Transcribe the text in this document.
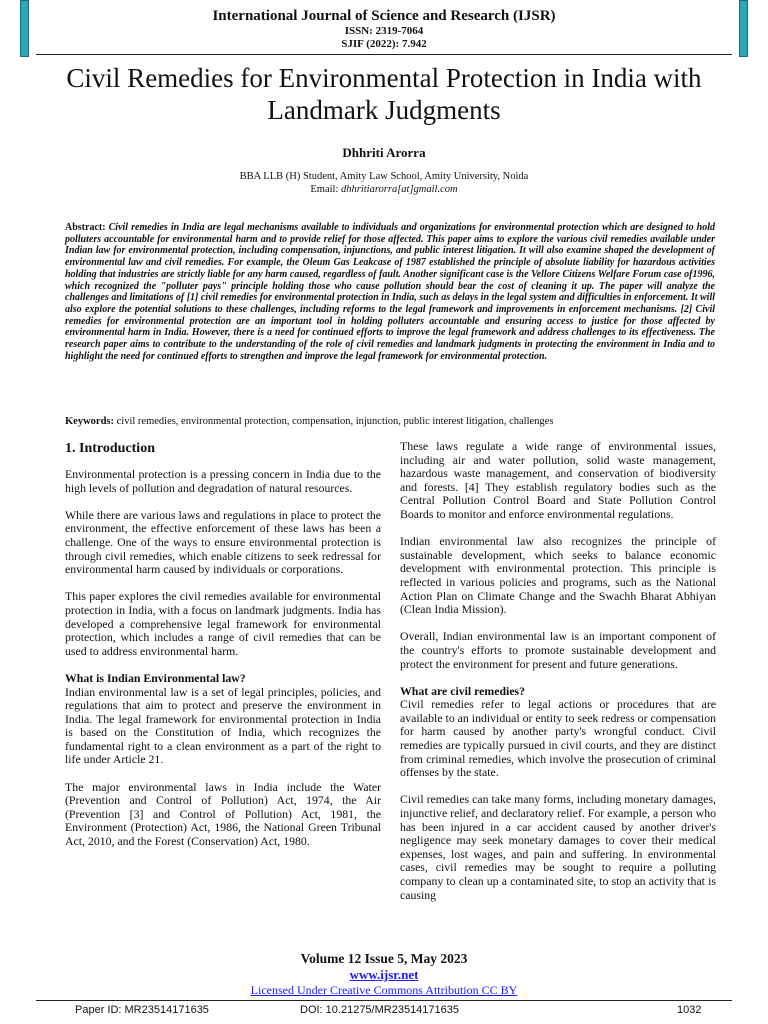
International Journal of Science and Research (IJSR)
ISSN: 2319-7064
SJIF (2022): 7.942
Civil Remedies for Environmental Protection in India with Landmark Judgments
Dhhriti Arorra
BBA LLB (H) Student, Amity Law School, Amity University, Noida
Email: dhhritiarorra[at]gmail.com
Abstract: Civil remedies in India are legal mechanisms available to individuals and organizations for environmental protection which are designed to hold polluters accountable for environmental harm and to provide relief for those affected. This paper aims to explore the various civil remedies available under Indian law for environmental protection, including compensation, injunctions, and public interest litigation. It will also examine shaped the development of environmental law and civil remedies. For example, the Oleum Gas Leakcase of 1987 established the principle of absolute liability for hazardous activities holding that industries are strictly liable for any harm caused, regardless of fault. Another significant case is the Vellore Citizens Welfare Forum case of1996, which recognized the "polluter pays" principle holding those who cause pollution should bear the cost of cleaning it up. The paper will analyze the challenges and limitations of [1] civil remedies for environmental protection in India, such as delays in the legal system and difficulties in enforcement. It will also explore the potential solutions to these challenges, including reforms to the legal framework and improvements in enforcement mechanisms. [2] Civil remedies for environmental protection are an important tool in holding polluters accountable and ensuring access to justice for those affected by environmental harm in India. However, there is a need for continued efforts to improve the legal framework and address challenges to its effectiveness. The research paper aims to contribute to the understanding of the role of civil remedies and landmark judgments in protecting the environment in India and to highlight the need for continued efforts to strengthen and improve the legal framework for environmental protection.
Keywords: civil remedies, environmental protection, compensation, injunction, public interest litigation, challenges
1. Introduction

Environmental protection is a pressing concern in India due to the high levels of pollution and degradation of natural resources.

While there are various laws and regulations in place to protect the environment, the effective enforcement of these laws has been a challenge. One of the ways to ensure environmental protection is through civil remedies, which enable citizens to seek redressal for environmental harm caused by individuals or corporations.

This paper explores the civil remedies available for environmental protection in India, with a focus on landmark judgments. India has developed a comprehensive legal framework for environmental protection, which includes a range of civil remedies that can be used to address environmental harm.

What is Indian Environmental law?

Indian environmental law is a set of legal principles, policies, and regulations that aim to protect and preserve the environment in India. The legal framework for environmental protection in India is based on the Constitution of India, which recognizes the fundamental right to a clean environment as a part of the right to life under Article 21.

The major environmental laws in India include the Water (Prevention and Control of Pollution) Act, 1974, the Air (Prevention [3] and Control of Pollution) Act, 1981, the Environment (Protection) Act, 1986, the National Green Tribunal Act, 2010, and the Forest (Conservation) Act, 1980.

These laws regulate a wide range of environmental issues, including air and water pollution, solid waste management, hazardous waste management, and conservation of biodiversity and forests. [4] They establish regulatory bodies such as the Central Pollution Control Board and State Pollution Control Boards to monitor and enforce environmental regulations.

Indian environmental law also recognizes the principle of sustainable development, which seeks to balance economic development with environmental protection. This principle is reflected in various policies and programs, such as the National Action Plan on Climate Change and the Swachh Bharat Abhiyan (Clean India Mission).

Overall, Indian environmental law is an important component of the country's efforts to promote sustainable development and protect the environment for present and future generations.

What are civil remedies?

Civil remedies refer to legal actions or procedures that are available to an individual or entity to seek redress or compensation for harm caused by another party's wrongful conduct. Civil remedies are typically pursued in civil courts, and they are distinct from criminal remedies, which involve the prosecution of criminal offenses by the state.

Civil remedies can take many forms, including monetary damages, injunctive relief, and declaratory relief. For example, a person who has been injured in a car accident caused by another driver's negligence may seek monetary damages to cover their medical expenses, lost wages, and pain and suffering. In environmental cases, civil remedies may be sought to require a polluting company to clean up a contaminated site, to stop an activity that is causing

Volume 12 Issue 5, May 2023
www.ijsr.net
Licensed Under Creative Commons Attribution CC BY
Paper ID: MR23514171635	DOI: 10.21275/MR23514171635	1032
